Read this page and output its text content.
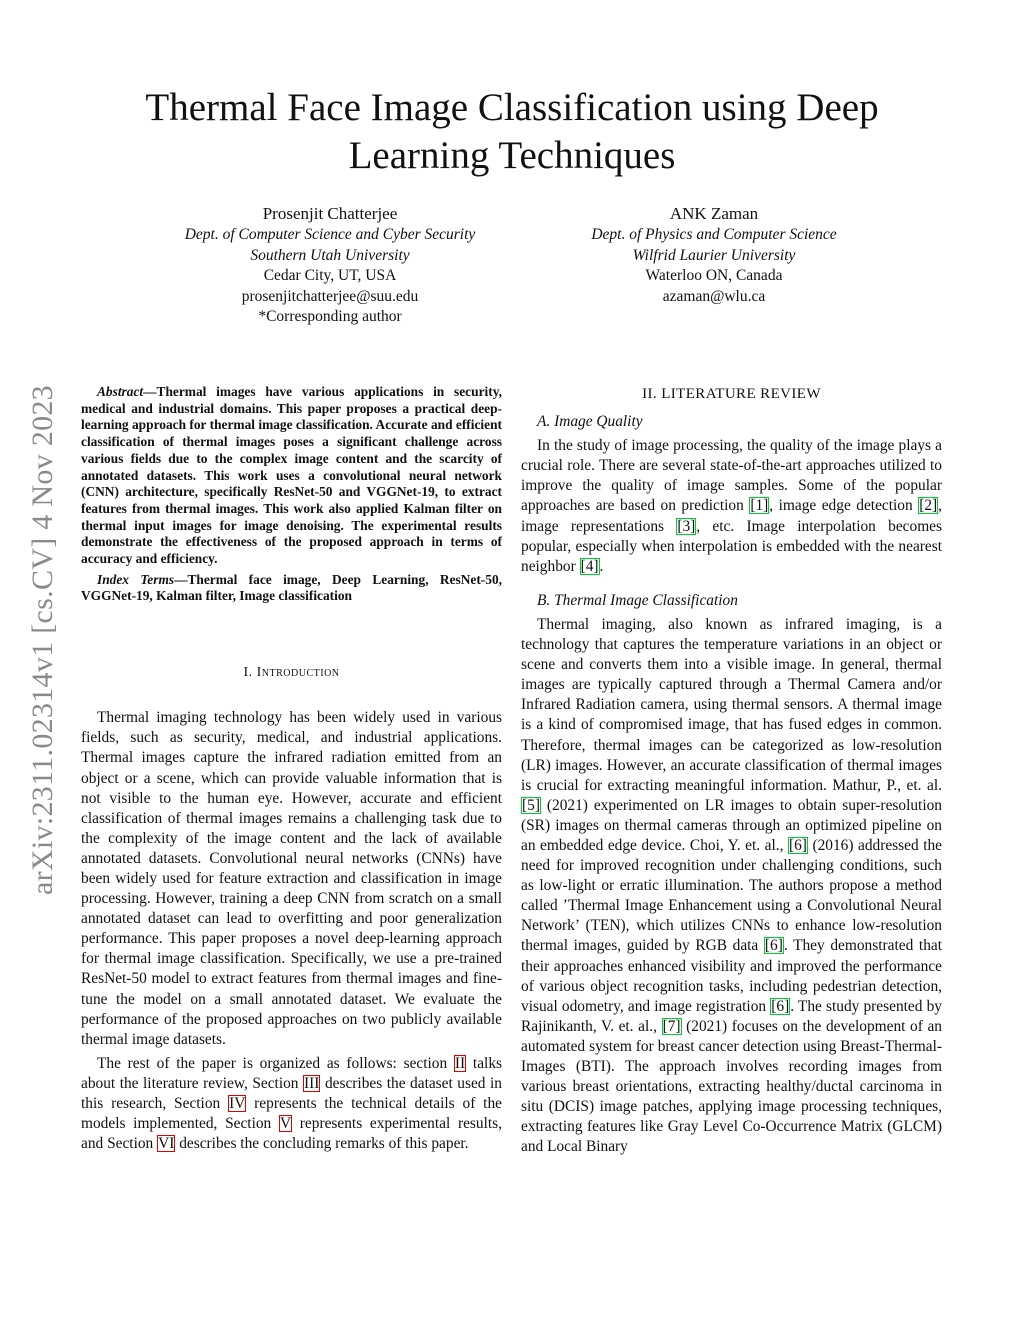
arXiv:2311.02314v1 [cs.CV] 4 Nov 2023
Thermal Face Image Classification using Deep Learning Techniques
Prosenjit Chatterjee
Dept. of Computer Science and Cyber Security
Southern Utah University
Cedar City, UT, USA
prosenjitchatterjee@suu.edu
*Corresponding author
ANK Zaman
Dept. of Physics and Computer Science
Wilfrid Laurier University
Waterloo ON, Canada
azaman@wlu.ca

Abstract—Thermal images have various applications in security, medical and industrial domains. This paper proposes a practical deep-learning approach for thermal image classification. Accurate and efficient classification of thermal images poses a significant challenge across various fields due to the complex image content and the scarcity of annotated datasets. This work uses a convolutional neural network (CNN) architecture, specifically ResNet-50 and VGGNet-19, to extract features from thermal images. This work also applied Kalman filter on thermal input images for image denoising. The experimental results demonstrate the effectiveness of the proposed approach in terms of accuracy and efficiency.

Index Terms—Thermal face image, Deep Learning, ResNet-50, VGGNet-19, Kalman filter, Image classification

I. Introduction

Thermal imaging technology has been widely used in various fields, such as security, medical, and industrial applications. Thermal images capture the infrared radiation emitted from an object or a scene, which can provide valuable information that is not visible to the human eye. However, accurate and efficient classification of thermal images remains a challenging task due to the complexity of the image content and the lack of available annotated datasets. Convolutional neural networks (CNNs) have been widely used for feature extraction and classification in image processing. However, training a deep CNN from scratch on a small annotated dataset can lead to overfitting and poor generalization performance. This paper proposes a novel deep-learning approach for thermal image classification. Specifically, we use a pre-trained ResNet-50 model to extract features from thermal images and fine-tune the model on a small annotated dataset. We evaluate the performance of the proposed approaches on two publicly available thermal image datasets.

The rest of the paper is organized as follows: section II talks about the literature review, Section III describes the dataset used in this research, Section IV represents the technical details of the models implemented, Section V represents experimental results, and Section VI describes the concluding remarks of this paper.

II. LITERATURE REVIEW

A. Image Quality

In the study of image processing, the quality of the image plays a crucial role. There are several state-of-the-art approaches utilized to improve the quality of image samples. Some of the popular approaches are based on prediction [1], image edge detection [2], image representations [3], etc. Image interpolation becomes popular, especially when interpolation is embedded with the nearest neighbor [4].

B. Thermal Image Classification

Thermal imaging, also known as infrared imaging, is a technology that captures the temperature variations in an object or scene and converts them into a visible image. In general, thermal images are typically captured through a Thermal Camera and/or Infrared Radiation camera, using thermal sensors. A thermal image is a kind of compromised image, that has fused edges in common. Therefore, thermal images can be categorized as low-resolution (LR) images. However, an accurate classification of thermal images is crucial for extracting meaningful information. Mathur, P., et. al. [5] (2021) experimented on LR images to obtain super-resolution (SR) images on thermal cameras through an optimized pipeline on an embedded edge device. Choi, Y. et. al., [6] (2016) addressed the need for improved recognition under challenging conditions, such as low-light or erratic illumination. The authors propose a method called ’Thermal Image Enhancement using a Convolutional Neural Network’ (TEN), which utilizes CNNs to enhance low-resolution thermal images, guided by RGB data [6]. They demonstrated that their approaches enhanced visibility and improved the performance of various object recognition tasks, including pedestrian detection, visual odometry, and image registration [6]. The study presented by Rajinikanth, V. et. al., [7] (2021) focuses on the development of an automated system for breast cancer detection using Breast-Thermal-Images (BTI). The approach involves recording images from various breast orientations, extracting healthy/ductal carcinoma in situ (DCIS) image patches, applying image processing techniques, extracting features like Gray Level Co-Occurrence Matrix (GLCM) and Local Binary
